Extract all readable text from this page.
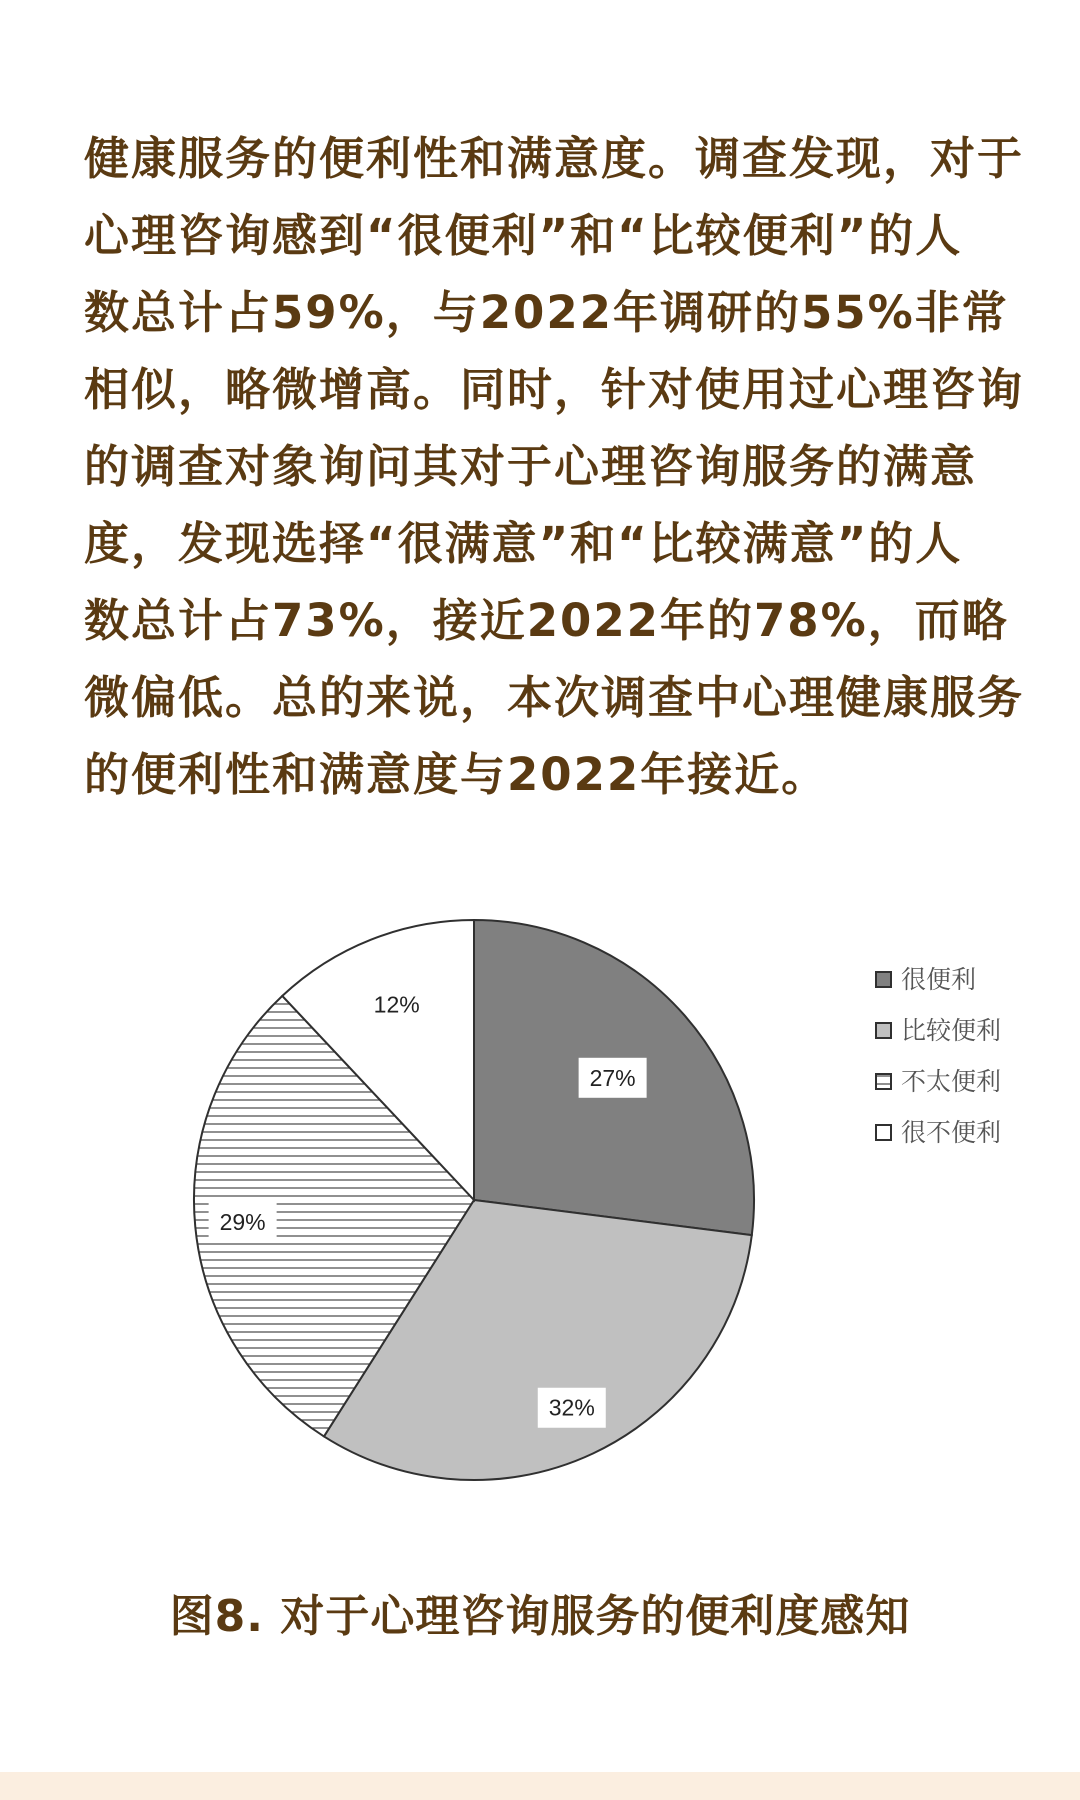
健康服务的便利性和满意度。调查发现，对于
心理咨询感到“很便利”和“比较便利”的人
数总计占59%，与2022年调研的55%非常
相似，略微增高。同时，针对使用过心理咨询
的调查对象询问其对于心理咨询服务的满意
度，发现选择“很满意”和“比较满意”的人
数总计占73%，接近2022年的78%，而略
微偏低。总的来说，本次调查中心理健康服务
的便利性和满意度与2022年接近。
27%
32%
29%
12%
很便利
比较便利
不太便利
很不便利
图8. 对于心理咨询服务的便利度感知
